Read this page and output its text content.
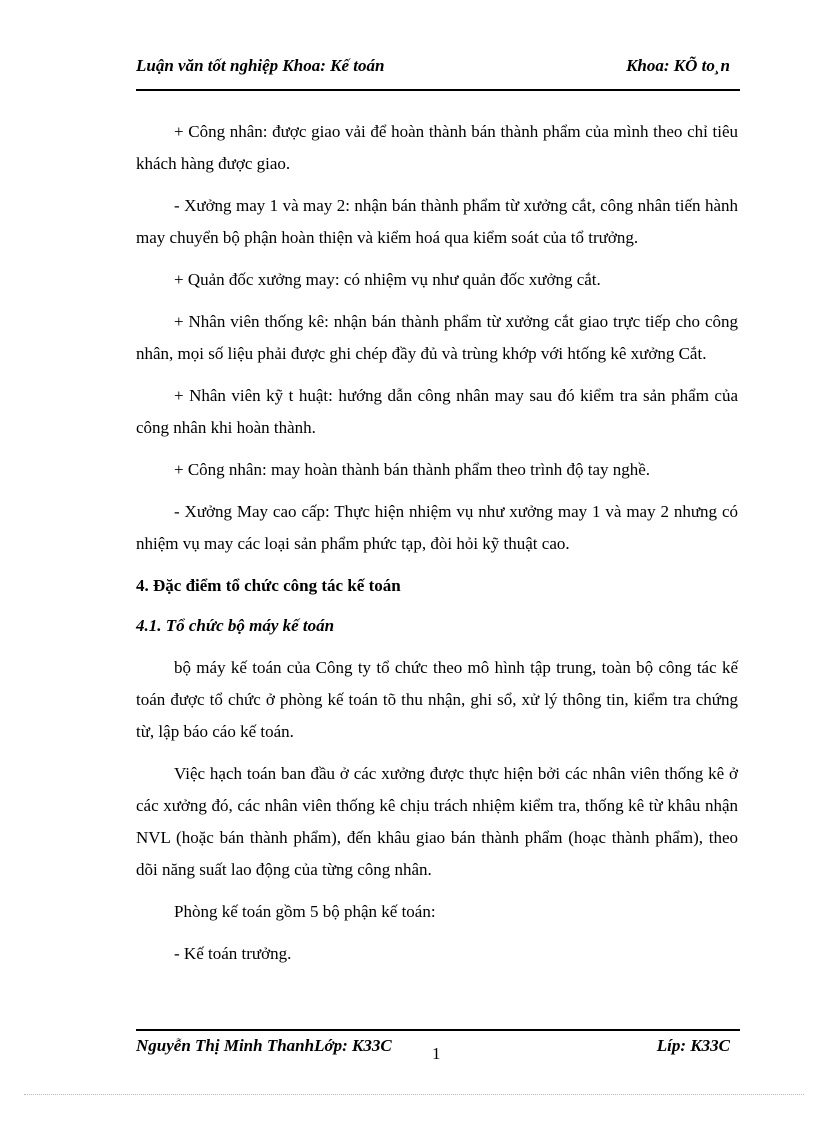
Luận văn tốt nghiệp Khoa: Kế toán	Khoa: KÕ to¸n

+ Công nhân: được giao vải để hoàn thành bán thành phẩm của mình theo chỉ tiêu khách hàng được giao.

- Xưởng may 1 và may 2: nhận bán thành phẩm từ xưởng cắt, công nhân tiến hành may chuyển bộ phận hoàn thiện và kiểm hoá qua kiểm soát của tổ trưởng.

+ Quản đốc xưởng may: có nhiệm vụ như quản đốc xưởng cắt.

+ Nhân viên thống kê: nhận bán thành phẩm từ xưởng cắt giao trực tiếp cho công nhân, mọi số liệu phải được ghi chép đầy đủ và trùng khớp với htống kê xưởng Cắt.

+ Nhân viên kỹ t huật: hướng dẫn công nhân may sau đó kiểm tra sản phẩm của công nhân khi hoàn thành.

+ Công nhân: may hoàn thành bán thành phẩm theo trình độ tay nghề.

- Xưởng May cao cấp: Thực hiện nhiệm vụ như xưởng may 1 và may 2 nhưng có nhiệm vụ may các loại sản phẩm phức tạp, đòi hỏi kỹ thuật cao.

4. Đặc điểm tổ chức công tác kế toán

4.1. Tổ chức bộ máy kế toán

bộ máy kế toán của Công ty tổ chức theo mô hình tập trung, toàn bộ công tác kế toán được tổ chức ở phòng kế toán tõ thu nhận, ghi sổ, xử lý thông tin, kiểm tra chứng từ, lập báo cáo kế toán.

Việc hạch toán ban đầu ở các xưởng được thực hiện bởi các nhân viên thống kê ở các xưởng đó, các nhân viên thống kê chịu trách nhiệm kiểm tra, thống kê từ khâu nhận NVL (hoặc bán thành phẩm), đến khâu giao bán thành phẩm (hoạc thành phẩm), theo dõi năng suất lao động của từng công nhân.

Phòng kế toán gồm 5 bộ phận kế toán:

- Kế toán trưởng.

Nguyễn Thị Minh ThanhLớp: K33C 1	Líp: K33C
